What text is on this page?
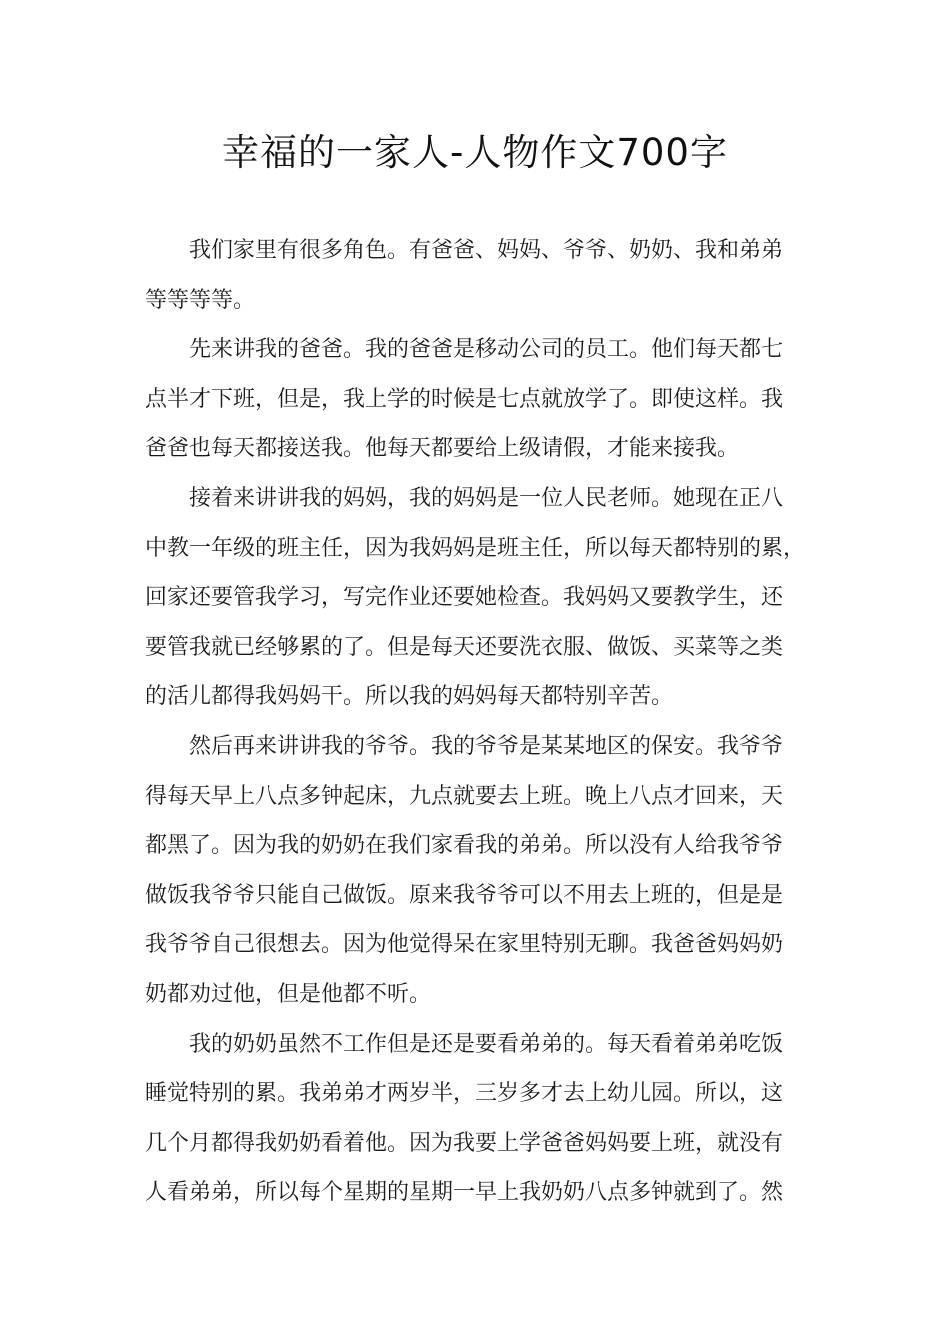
幸福的一家人-人物作文700字
我们家里有很多角色。有爸爸、妈妈、爷爷、奶奶、我和弟弟
等等等等。
先来讲我的爸爸。我的爸爸是移动公司的员工。他们每天都七
点半才下班，但是，我上学的时候是七点就放学了。即使这样。我
爸爸也每天都接送我。他每天都要给上级请假，才能来接我。
接着来讲讲我的妈妈，我的妈妈是一位人民老师。她现在正八
中教一年级的班主任，因为我妈妈是班主任，所以每天都特别的累，
回家还要管我学习，写完作业还要她检查。我妈妈又要教学生，还
要管我就已经够累的了。但是每天还要洗衣服、做饭、买菜等之类
的活儿都得我妈妈干。所以我的妈妈每天都特别辛苦。
然后再来讲讲我的爷爷。我的爷爷是某某地区的保安。我爷爷
得每天早上八点多钟起床，九点就要去上班。晚上八点才回来，天
都黑了。因为我的奶奶在我们家看我的弟弟。所以没有人给我爷爷
做饭我爷爷只能自己做饭。原来我爷爷可以不用去上班的，但是是
我爷爷自己很想去。因为他觉得呆在家里特别无聊。我爸爸妈妈奶
奶都劝过他，但是他都不听。
我的奶奶虽然不工作但是还是要看弟弟的。每天看着弟弟吃饭
睡觉特别的累。我弟弟才两岁半，三岁多才去上幼儿园。所以，这
几个月都得我奶奶看着他。因为我要上学爸爸妈妈要上班，就没有
人看弟弟，所以每个星期的星期一早上我奶奶八点多钟就到了。然
